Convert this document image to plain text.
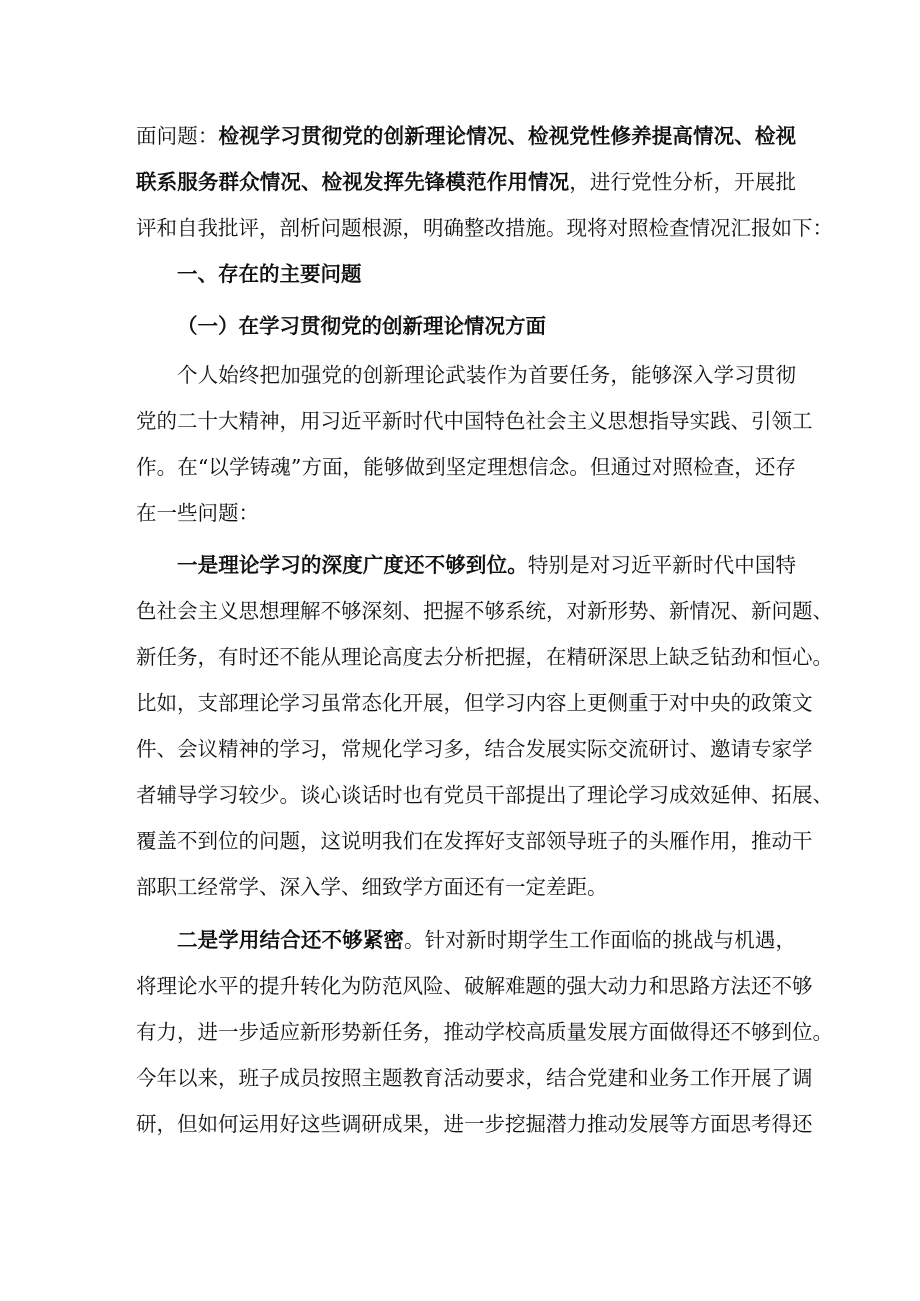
面问题：检视学习贯彻党的创新理论情况、检视党性修养提高情况、检视
联系服务群众情况、检视发挥先锋模范作用情况，进行党性分析，开展批
评和自我批评，剖析问题根源，明确整改措施。现将对照检查情况汇报如下：
一、存在的主要问题
（一）在学习贯彻党的创新理论情况方面
个人始终把加强党的创新理论武装作为首要任务，能够深入学习贯彻
党的二十大精神，用习近平新时代中国特色社会主义思想指导实践、引领工
作。在“以学铸魂”方面，能够做到坚定理想信念。但通过对照检查，还存
在一些问题：
一是理论学习的深度广度还不够到位。特别是对习近平新时代中国特
色社会主义思想理解不够深刻、把握不够系统，对新形势、新情况、新问题、
新任务，有时还不能从理论高度去分析把握，在精研深思上缺乏钻劲和恒心。
比如，支部理论学习虽常态化开展，但学习内容上更侧重于对中央的政策文
件、会议精神的学习，常规化学习多，结合发展实际交流研讨、邀请专家学
者辅导学习较少。谈心谈话时也有党员干部提出了理论学习成效延伸、拓展、
覆盖不到位的问题，这说明我们在发挥好支部领导班子的头雁作用，推动干
部职工经常学、深入学、细致学方面还有一定差距。
二是学用结合还不够紧密。针对新时期学生工作面临的挑战与机遇，
将理论水平的提升转化为防范风险、破解难题的强大动力和思路方法还不够
有力，进一步适应新形势新任务，推动学校高质量发展方面做得还不够到位。
今年以来，班子成员按照主题教育活动要求，结合党建和业务工作开展了调
研，但如何运用好这些调研成果，进一步挖掘潜力推动发展等方面思考得还
